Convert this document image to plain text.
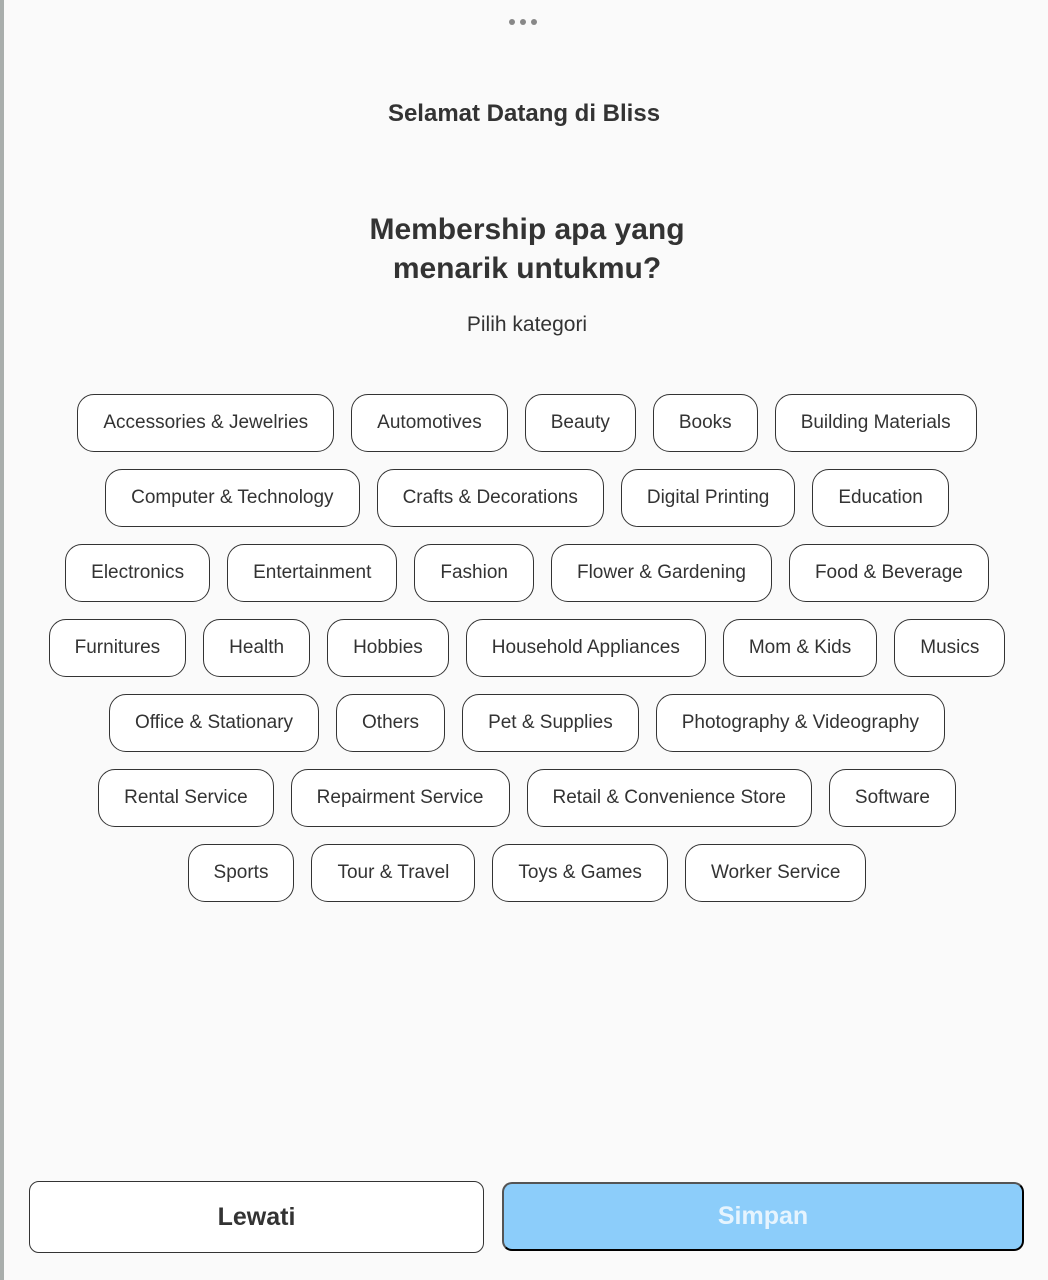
Selamat Datang di Bliss
Membership apa yang
menarik untukmu?
Pilih kategori
Accessories & Jewelries	Automotives	Beauty	Books	Building Materials
Computer & Technology	Crafts & Decorations	Digital Printing	Education
Electronics	Entertainment	Fashion	Flower & Gardening	Food & Beverage
Furnitures	Health	Hobbies	Household Appliances	Mom & Kids	Musics
Office & Stationary	Others	Pet & Supplies	Photography & Videography
Rental Service	Repairment Service	Retail & Convenience Store	Software
Sports	Tour & Travel	Toys & Games	Worker Service
Lewati	Simpan
